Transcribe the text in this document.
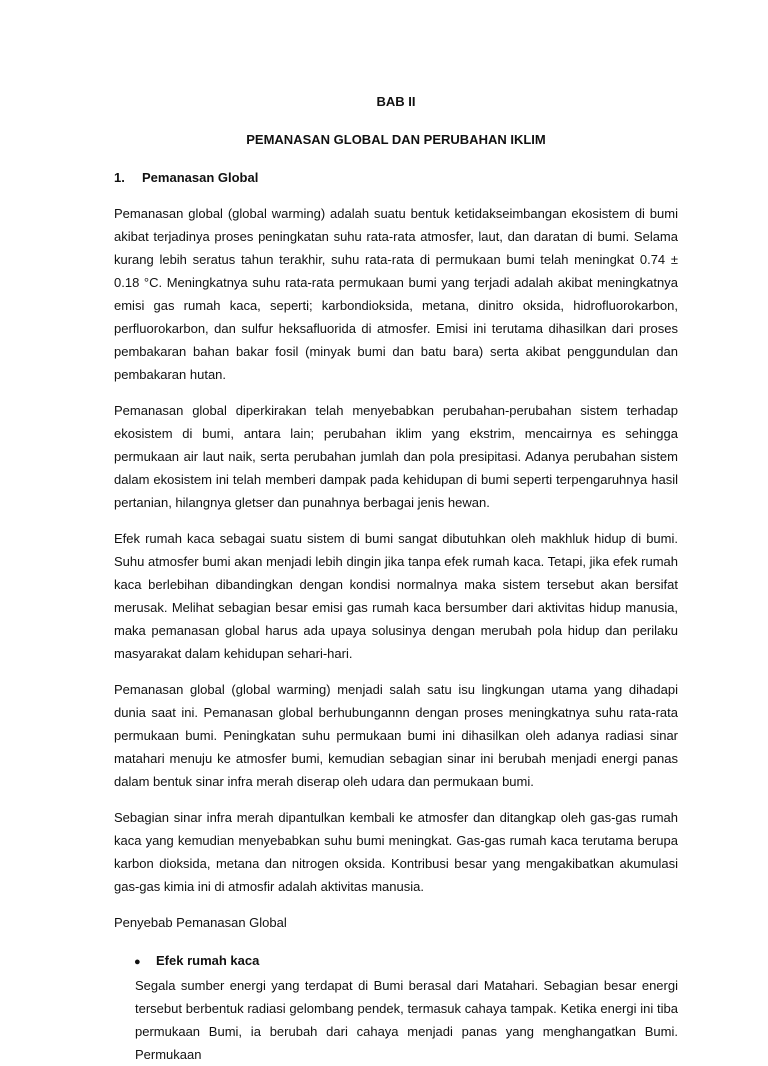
BAB II
PEMANASAN GLOBAL DAN PERUBAHAN IKLIM
1.	Pemanasan Global

Pemanasan global (global warming) adalah suatu bentuk ketidakseimbangan ekosistem di bumi akibat terjadinya proses peningkatan suhu rata-rata atmosfer, laut, dan daratan di bumi. Selama kurang lebih seratus tahun terakhir, suhu rata-rata di permukaan bumi telah meningkat 0.74 ± 0.18 °C. Meningkatnya suhu rata-rata permukaan bumi yang terjadi adalah akibat meningkatnya emisi gas rumah kaca, seperti; karbondioksida, metana, dinitro oksida, hidrofluorokarbon, perfluorokarbon, dan sulfur heksafluorida di atmosfer. Emisi ini terutama dihasilkan dari proses pembakaran bahan bakar fosil (minyak bumi dan batu bara) serta akibat penggundulan dan pembakaran hutan.

Pemanasan global diperkirakan telah menyebabkan perubahan-perubahan sistem terhadap ekosistem di bumi, antara lain; perubahan iklim yang ekstrim, mencairnya es sehingga permukaan air laut naik, serta perubahan jumlah dan pola presipitasi. Adanya perubahan sistem dalam ekosistem ini telah memberi dampak pada kehidupan di bumi seperti terpengaruhnya hasil pertanian, hilangnya gletser dan punahnya berbagai jenis hewan.

Efek rumah kaca sebagai suatu sistem di bumi sangat dibutuhkan oleh makhluk hidup di bumi. Suhu atmosfer bumi akan menjadi lebih dingin jika tanpa efek rumah kaca. Tetapi, jika efek rumah kaca berlebihan dibandingkan dengan kondisi normalnya maka sistem tersebut akan bersifat merusak. Melihat sebagian besar emisi gas rumah kaca bersumber dari aktivitas hidup manusia, maka pemanasan global harus ada upaya solusinya dengan merubah pola hidup dan perilaku masyarakat dalam kehidupan sehari-hari.

Pemanasan global (global warming) menjadi salah satu isu lingkungan utama yang dihadapi dunia saat ini. Pemanasan global berhubungannn dengan proses meningkatnya suhu rata-rata permukaan bumi. Peningkatan suhu permukaan bumi ini dihasilkan oleh adanya radiasi sinar matahari menuju ke atmosfer bumi, kemudian sebagian sinar ini berubah menjadi energi panas dalam bentuk sinar infra merah diserap oleh udara dan permukaan bumi.

Sebagian sinar infra merah dipantulkan kembali ke atmosfer dan ditangkap oleh gas-gas rumah kaca yang kemudian menyebabkan suhu bumi meningkat. Gas-gas rumah kaca terutama berupa karbon dioksida, metana dan nitrogen oksida. Kontribusi besar yang mengakibatkan akumulasi gas-gas kimia ini di atmosfir adalah aktivitas manusia.

Penyebab Pemanasan Global
●	Efek rumah kaca
Segala sumber energi yang terdapat di Bumi berasal dari Matahari. Sebagian besar energi tersebut berbentuk radiasi gelombang pendek, termasuk cahaya tampak. Ketika energi ini tiba permukaan Bumi, ia berubah dari cahaya menjadi panas yang menghangatkan Bumi. Permukaan
